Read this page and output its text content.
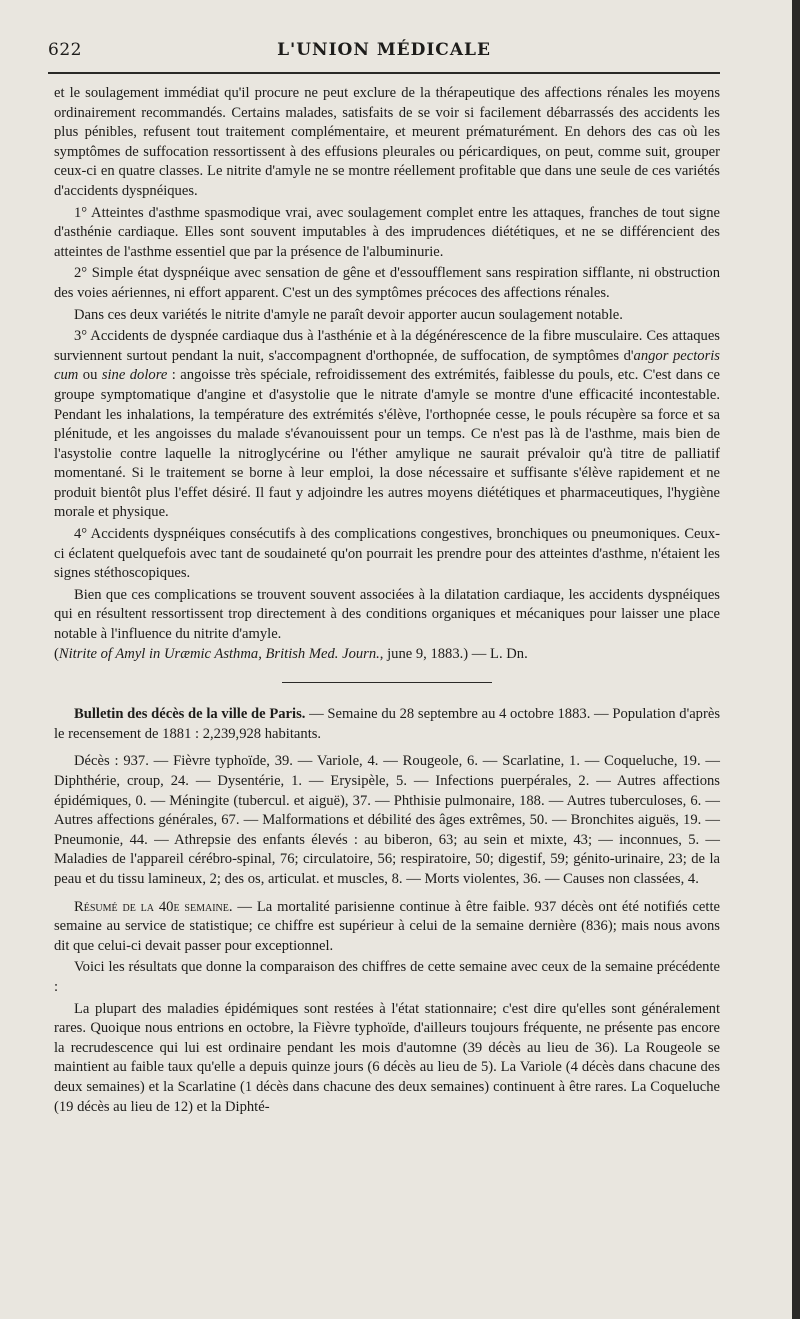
622	L'UNION MÉDICALE

et le soulagement immédiat qu'il procure ne peut exclure de la thérapeutique des affections rénales les moyens ordinairement recommandés. Certains malades, satisfaits de se voir si facilement débarrassés des accidents les plus pénibles, refusent tout traitement complémentaire, et meurent prématurément. En dehors des cas où les symptômes de suffocation ressortissent à des effusions pleurales ou péricardiques, on peut, comme suit, grouper ceux-ci en quatre classes. Le nitrite d'amyle ne se montre réellement profitable que dans une seule de ces variétés d'accidents dyspnéiques.

1° Atteintes d'asthme spasmodique vrai, avec soulagement complet entre les attaques, franches de tout signe d'asthénie cardiaque. Elles sont souvent imputables à des imprudences diététiques, et ne se différencient des atteintes de l'asthme essentiel que par la présence de l'albuminurie.

2° Simple état dyspnéique avec sensation de gêne et d'essoufflement sans respiration sifflante, ni obstruction des voies aériennes, ni effort apparent. C'est un des symptômes précoces des affections rénales.

Dans ces deux variétés le nitrite d'amyle ne paraît devoir apporter aucun soulagement notable.

3° Accidents de dyspnée cardiaque dus à l'asthénie et à la dégénérescence de la fibre musculaire. Ces attaques surviennent surtout pendant la nuit, s'accompagnent d'orthopnée, de suffocation, de symptômes d'angor pectoris cum ou sine dolore : angoisse très spéciale, refroidissement des extrémités, faiblesse du pouls, etc. C'est dans ce groupe symptomatique d'angine et d'asystolie que le nitrate d'amyle se montre d'une efficacité incontestable. Pendant les inhalations, la température des extrémités s'élève, l'orthopnée cesse, le pouls récupère sa force et sa plénitude, et les angoisses du malade s'évanouissent pour un temps. Ce n'est pas là de l'asthme, mais bien de l'asystolie contre laquelle la nitroglycérine ou l'éther amylique ne saurait prévaloir qu'à titre de palliatif momentané. Si le traitement se borne à leur emploi, la dose nécessaire et suffisante s'élève rapidement et ne produit bientôt plus l'effet désiré. Il faut y adjoindre les autres moyens diététiques et pharmaceutiques, l'hygiène morale et physique.

4° Accidents dyspnéiques consécutifs à des complications congestives, bronchiques ou pneumoniques. Ceux-ci éclatent quelquefois avec tant de soudaineté qu'on pourrait les prendre pour des atteintes d'asthme, n'étaient les signes stéthoscopiques.

Bien que ces complications se trouvent souvent associées à la dilatation cardiaque, les accidents dyspnéiques qui en résultent ressortissent trop directement à des conditions organiques et mécaniques pour laisser une place notable à l'influence du nitrite d'amyle.
(Nitrite of Amyl in Uræmic Asthma, British Med. Journ., june 9, 1883.) — L. Dn.

Bulletin des décès de la ville de Paris. — Semaine du 28 septembre au 4 octobre 1883. — Population d'après le recensement de 1881 : 2,239,928 habitants.

Décès : 937. — Fièvre typhoïde, 39. — Variole, 4. — Rougeole, 6. — Scarlatine, 1. — Coqueluche, 19. — Diphthérie, croup, 24. — Dysentérie, 1. — Erysipèle, 5. — Infections puerpérales, 2. — Autres affections épidémiques, 0. — Méningite (tubercul. et aiguë), 37. — Phthisie pulmonaire, 188. — Autres tuberculoses, 6. — Autres affections générales, 67. — Malformations et débilité des âges extrêmes, 50. — Bronchites aiguës, 19. — Pneumonie, 44. — Athrepsie des enfants élevés : au biberon, 63; au sein et mixte, 43; — inconnues, 5. — Maladies de l'appareil cérébro-spinal, 76; circulatoire, 56; respiratoire, 50; digestif, 59; génito-urinaire, 23; de la peau et du tissu lamineux, 2; des os, articulat. et muscles, 8. — Morts violentes, 36. — Causes non classées, 4.

Résumé de la 40e semaine. — La mortalité parisienne continue à être faible. 937 décès ont été notifiés cette semaine au service de statistique; ce chiffre est supérieur à celui de la semaine dernière (836); mais nous avons dit que celui-ci devait passer pour exceptionnel.

Voici les résultats que donne la comparaison des chiffres de cette semaine avec ceux de la semaine précédente :

La plupart des maladies épidémiques sont restées à l'état stationnaire; c'est dire qu'elles sont généralement rares. Quoique nous entrions en octobre, la Fièvre typhoïde, d'ailleurs toujours fréquente, ne présente pas encore la recrudescence qui lui est ordinaire pendant les mois d'automne (39 décès au lieu de 36). La Rougeole se maintient au faible taux qu'elle a depuis quinze jours (6 décès au lieu de 5). La Variole (4 décès dans chacune des deux semaines) et la Scarlatine (1 décès dans chacune des deux semaines) continuent à être rares. La Coqueluche (19 décès au lieu de 12) et la Diphté-
